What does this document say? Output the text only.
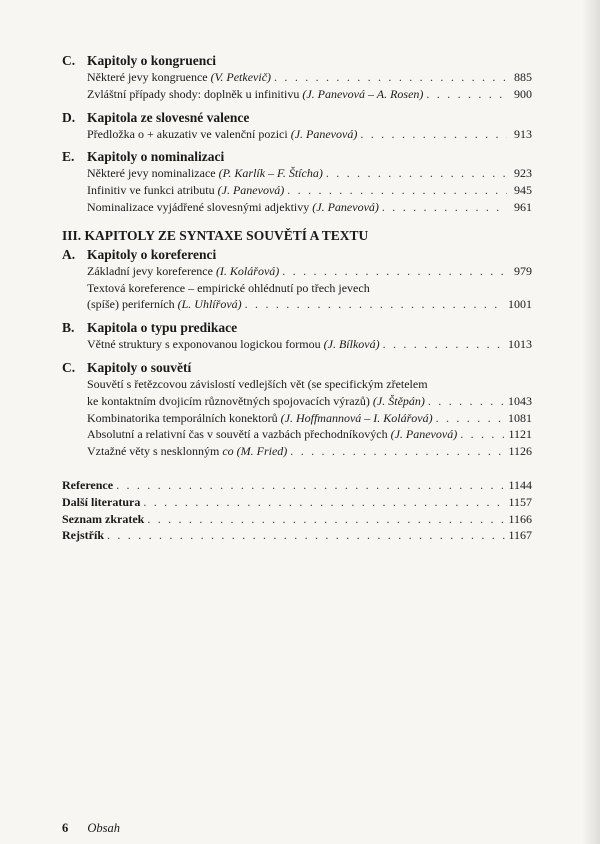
C. Kapitoly o kongruenci
Některé jevy kongruence (V. Petkevič) . . .	885
Zvláštní případy shody: doplněk u infinitivu (J. Panevová – A. Rosen) . . .	900
D. Kapitola ze slovesné valence
Předložka o + akuzativ ve valenční pozici (J. Panevová) . . .	913
E. Kapitoly o nominalizaci
Některé jevy nominalizace (P. Karlík – F. Štícha) . . .	923
Infinitiv ve funkci atributu (J. Panevová) . . .	945
Nominalizace vyjádřené slovesnými adjektivy (J. Panevová) . . .	961
III. KAPITOLY ZE SYNTAXE SOUVĚTÍ A TEXTU
A. Kapitoly o koreferenci
Základní jevy koreference (I. Kolářová) . . .	979
Textová koreference – empirické ohlédnutí po třech jevech
(spíše) periferních (L. Uhlířová) . . .	1001
B. Kapitola o typu predikace
Větné struktury s exponovanou logickou formou (J. Bílková) . . .	1013
C. Kapitoly o souvětí
Souvětí s řetězcovou závislostí vedlejších vět (se specifickým zřetelem
ke kontaktním dvojicím různovětných spojovacích výrazů) (J. Štěpán) . . .	1043
Kombinatorika temporálních konektorů (J. Hoffmannová – I. Kolářová) . . .	1081
Absolutní a relativní čas v souvětí a vazbách přechodníkových (J. Panevová) . . .	1121
Vztažné věty s nesklonným co (M. Fried) . . .	1126
Reference . . .	1144
Další literatura . . .	1157
Seznam zkratek . . .	1166
Rejstřík . . .	1167
6 Obsah
